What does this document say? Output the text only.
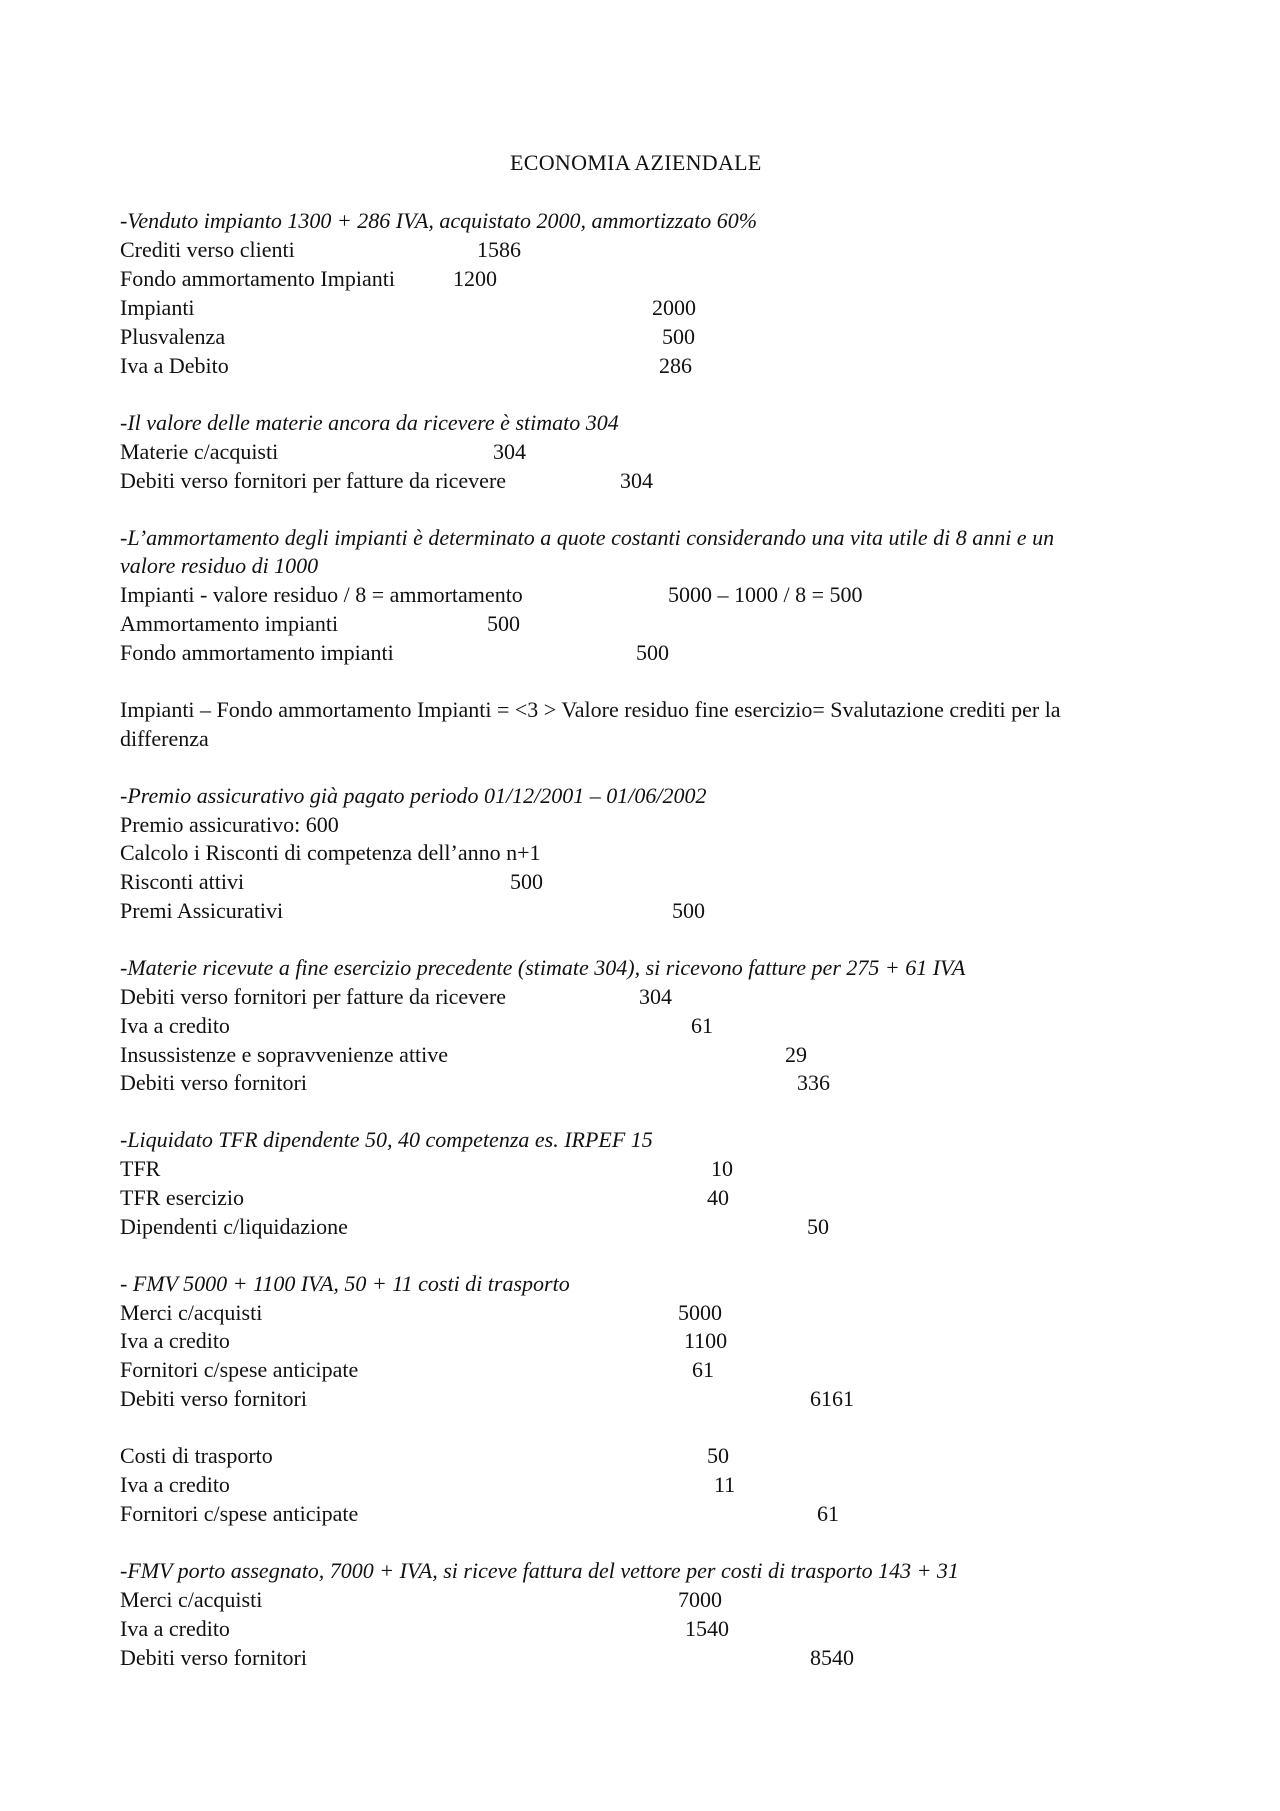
ECONOMIA AZIENDALE
-Venduto impianto 1300 + 286 IVA, acquistato 2000, ammortizzato 60%
Crediti verso clienti	1586
Fondo ammortamento Impianti	1200
Impianti	2000
Plusvalenza	500
Iva a Debito	286
-Il valore delle materie ancora da ricevere è stimato 304
Materie c/acquisti	304
Debiti verso fornitori per fatture da ricevere	304
-L’ammortamento degli impianti è determinato a quote costanti considerando una vita utile di 8 anni e un
valore residuo di 1000
Impianti - valore residuo / 8 = ammortamento	5000 – 1000 / 8 = 500
Ammortamento impianti	500
Fondo ammortamento impianti	500
Impianti – Fondo ammortamento Impianti = <3 > Valore residuo fine esercizio= Svalutazione crediti per la
differenza
-Premio assicurativo già pagato periodo 01/12/2001 – 01/06/2002
Premio assicurativo: 600
Calcolo i Risconti di competenza dell’anno n+1
Risconti attivi	500
Premi Assicurativi	500
-Materie ricevute a fine esercizio precedente (stimate 304), si ricevono fatture per 275 + 61 IVA
Debiti verso fornitori per fatture da ricevere	304
Iva a credito	61
Insussistenze e sopravvenienze attive	29
Debiti verso fornitori	336
-Liquidato TFR dipendente 50, 40 competenza es. IRPEF 15
TFR	10
TFR esercizio	40
Dipendenti c/liquidazione	50
- FMV 5000 + 1100 IVA, 50 + 11 costi di trasporto
Merci c/acquisti	5000
Iva a credito	1100
Fornitori c/spese anticipate	61
Debiti verso fornitori	6161
Costi di trasporto	50
Iva a credito	11
Fornitori c/spese anticipate	61
-FMV porto assegnato, 7000 + IVA, si riceve fattura del vettore per costi di trasporto 143 + 31
Merci c/acquisti	7000
Iva a credito	1540
Debiti verso fornitori	8540
